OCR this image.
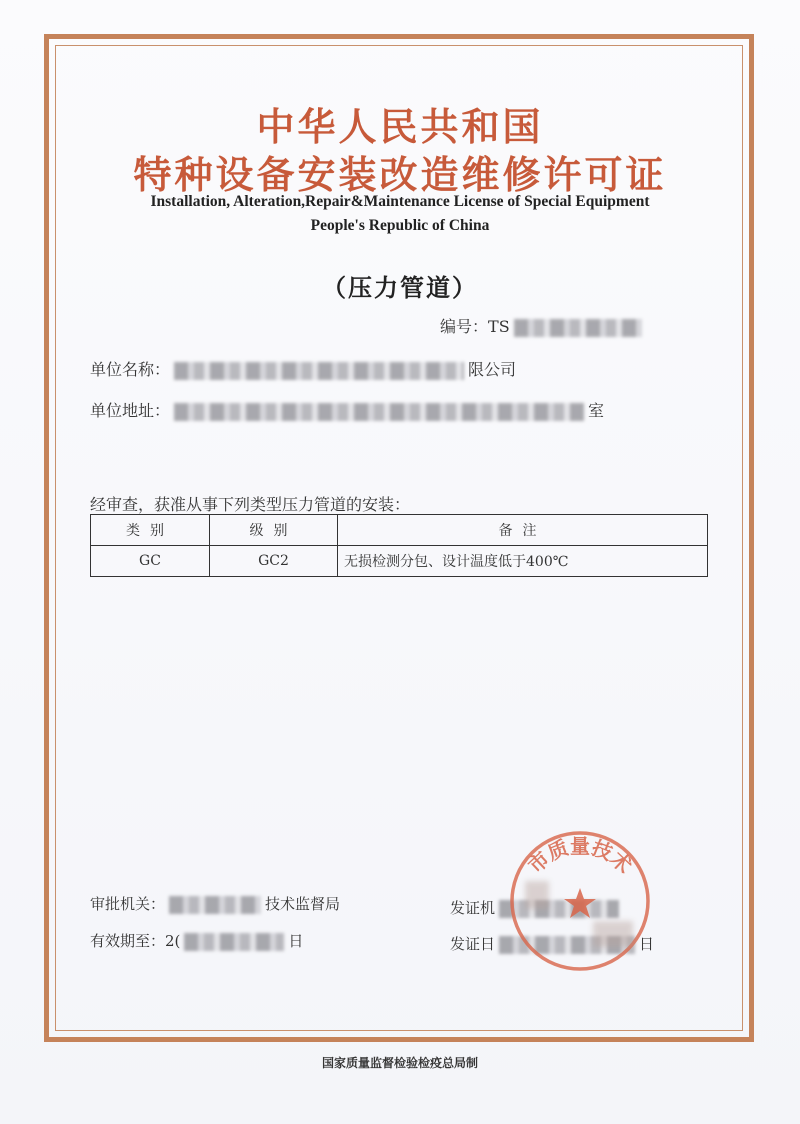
中华人民共和国
特种设备安装改造维修许可证
Installation, Alteration,Repair&Maintenance License of Special Equipment
People's Republic of China
（压力管道）
编号：TS
单位名称：	限公司
单位地址：	室
经审查，获准从事下列类型压力管道的安装：
类别	级别	备注
GC	GC2	无损检测分包、设计温度低于400℃
审批机关：	技术监督局
有效期至：2(	日
发证机
发证日	日
市质量技术
国家质量监督检验检疫总局制
